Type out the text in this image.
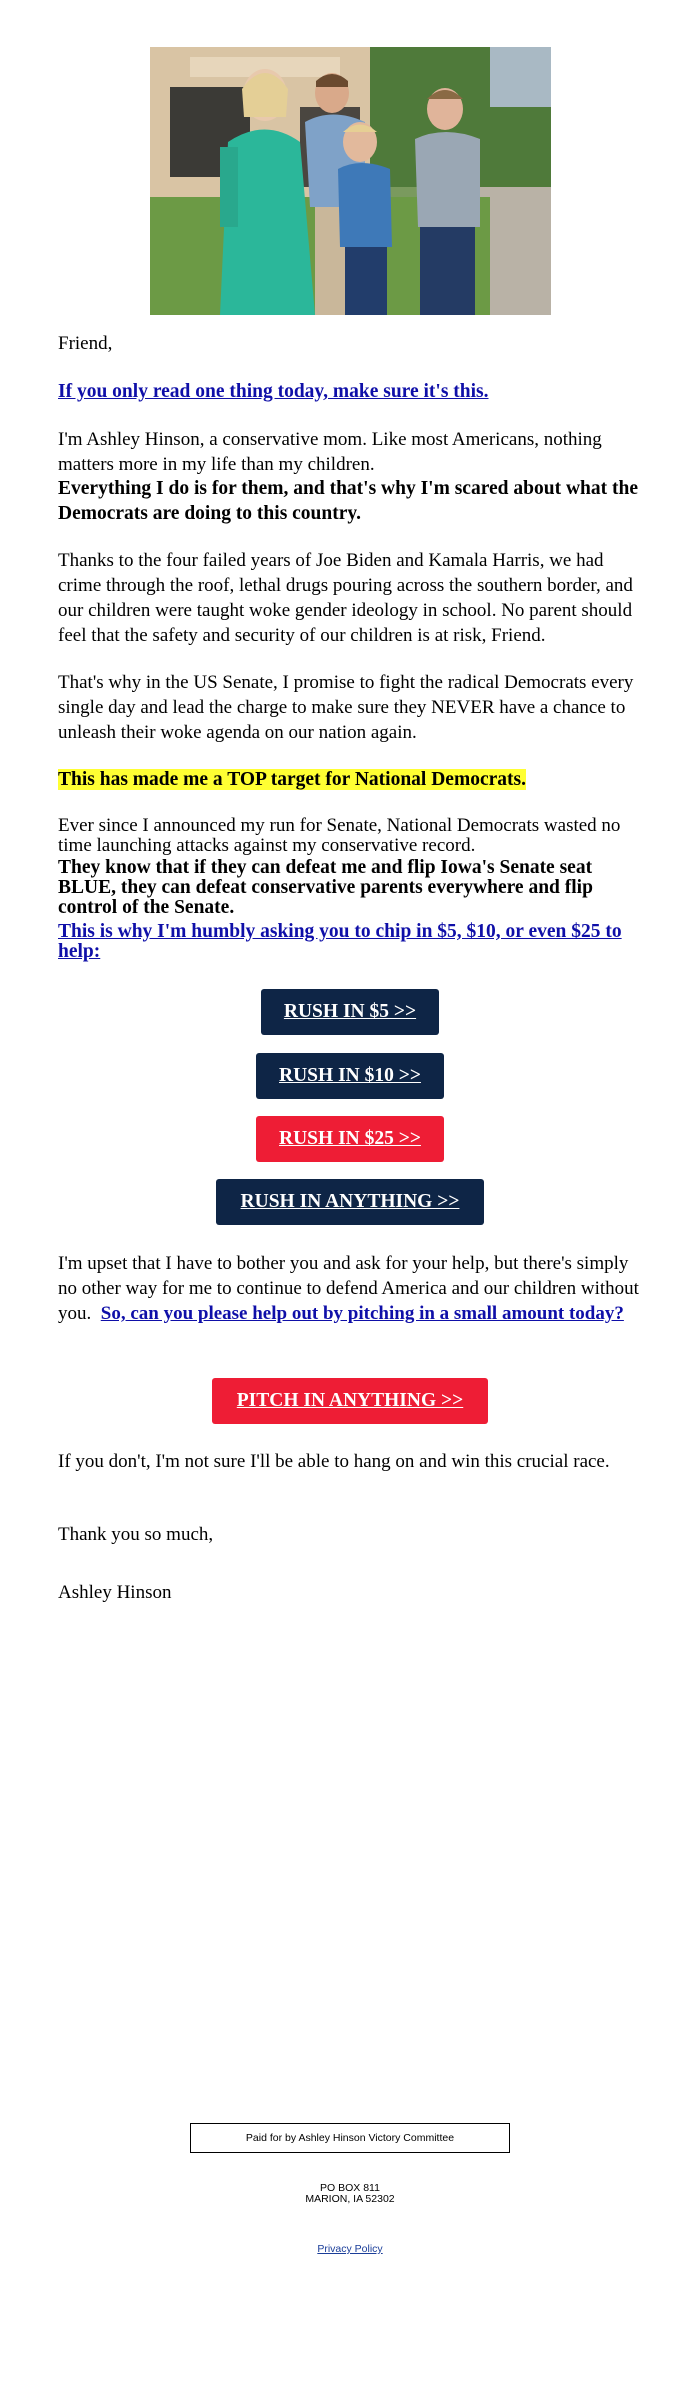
Friend,

If you only read one thing today, make sure it's this.

I'm Ashley Hinson, a conservative mom. Like most Americans, nothing matters more in my life than my children.

Everything I do is for them, and that's why I'm scared about what the Democrats are doing to this country.

Thanks to the four failed years of Joe Biden and Kamala Harris, we had crime through the roof, lethal drugs pouring across the southern border, and our children were taught woke gender ideology in school. No parent should feel that the safety and security of our children is at risk, Friend.

That's why in the US Senate, I promise to fight the radical Democrats every single day and lead the charge to make sure they NEVER have a chance to unleash their woke agenda on our nation again.

This has made me a TOP target for National Democrats.

Ever since I announced my run for Senate, National Democrats wasted no time launching attacks against my conservative record.

They know that if they can defeat me and flip Iowa's Senate seat BLUE, they can defeat conservative parents everywhere and flip control of the Senate.

This is why I'm humbly asking you to chip in $5, $10, or even $25 to help:

I'm upset that I have to bother you and ask for your help, but there's simply no other way for me to continue to defend America and our children without you. So, can you please help out by pitching in a small amount today?

If you don't, I'm not sure I'll be able to hang on and win this crucial race.

Thank you so much,

Ashley Hinson

RUSH IN $5 >>
RUSH IN $10 >>
RUSH IN $25 >>
RUSH IN ANYTHING >>
PITCH IN ANYTHING >>
Paid for by Ashley Hinson Victory Committee
PO BOX 811
MARION, IA 52302
Privacy Policy
